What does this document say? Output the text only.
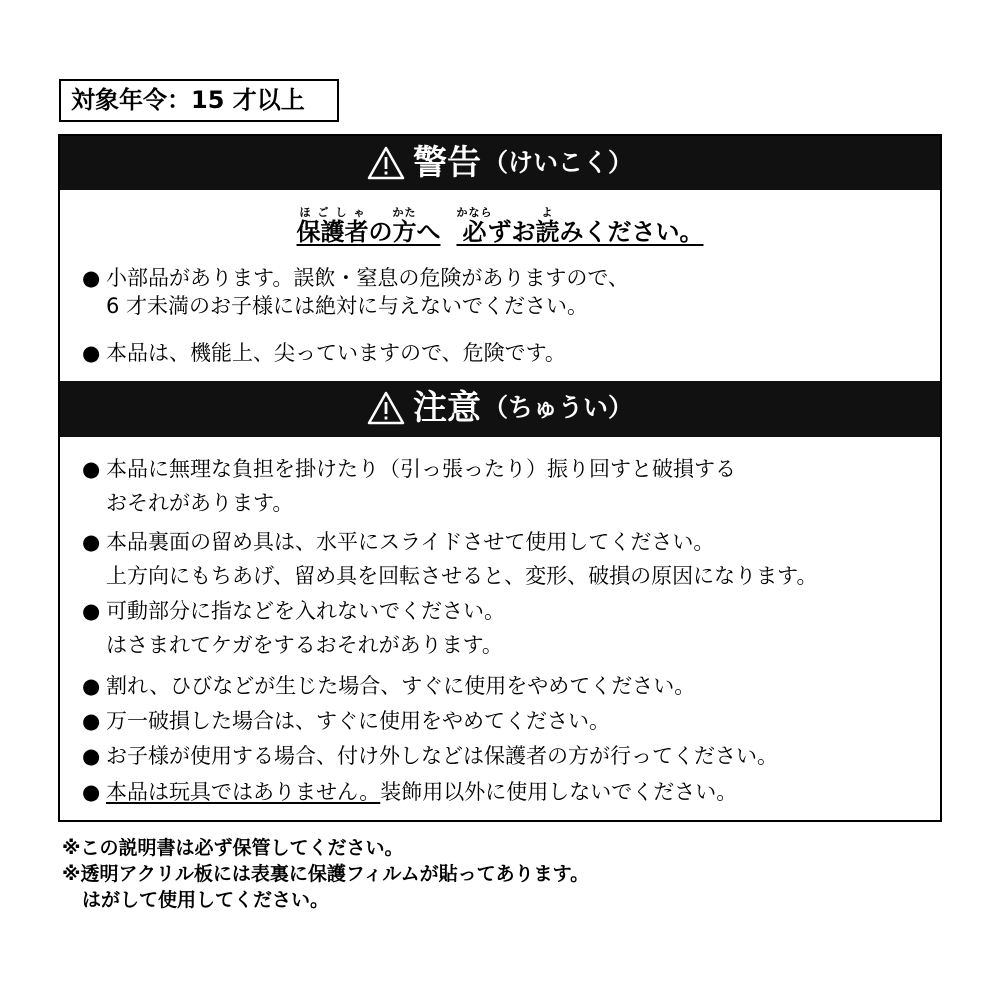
対象年令：15 才以上
警告（けいこく）
保護者ほごしゃの方かたへ 必かならずお読よみください。
● 小部品があります。誤飲・窒息の危険がありますので、
6 才未満のお子様には絶対に与えないでください。
● 本品は、機能上、尖っていますので、危険です。
注意（ちゅうい）
● 本品に無理な負担を掛けたり（引っ張ったり）振り回すと破損する
おそれがあります。
● 本品裏面の留め具は、水平にスライドさせて使用してください。
上方向にもちあげ、留め具を回転させると、変形、破損の原因になります。
● 可動部分に指などを入れないでください。
はさまれてケガをするおそれがあります。
● 割れ、ひびなどが生じた場合、すぐに使用をやめてください。
● 万一破損した場合は、すぐに使用をやめてください。
● お子様が使用する場合、付け外しなどは保護者の方が行ってください。
● 本品は玩具ではありません。装飾用以外に使用しないでください。
※この説明書は必ず保管してください。
※透明アクリル板には表裏に保護フィルムが貼ってあります。
はがして使用してください。
